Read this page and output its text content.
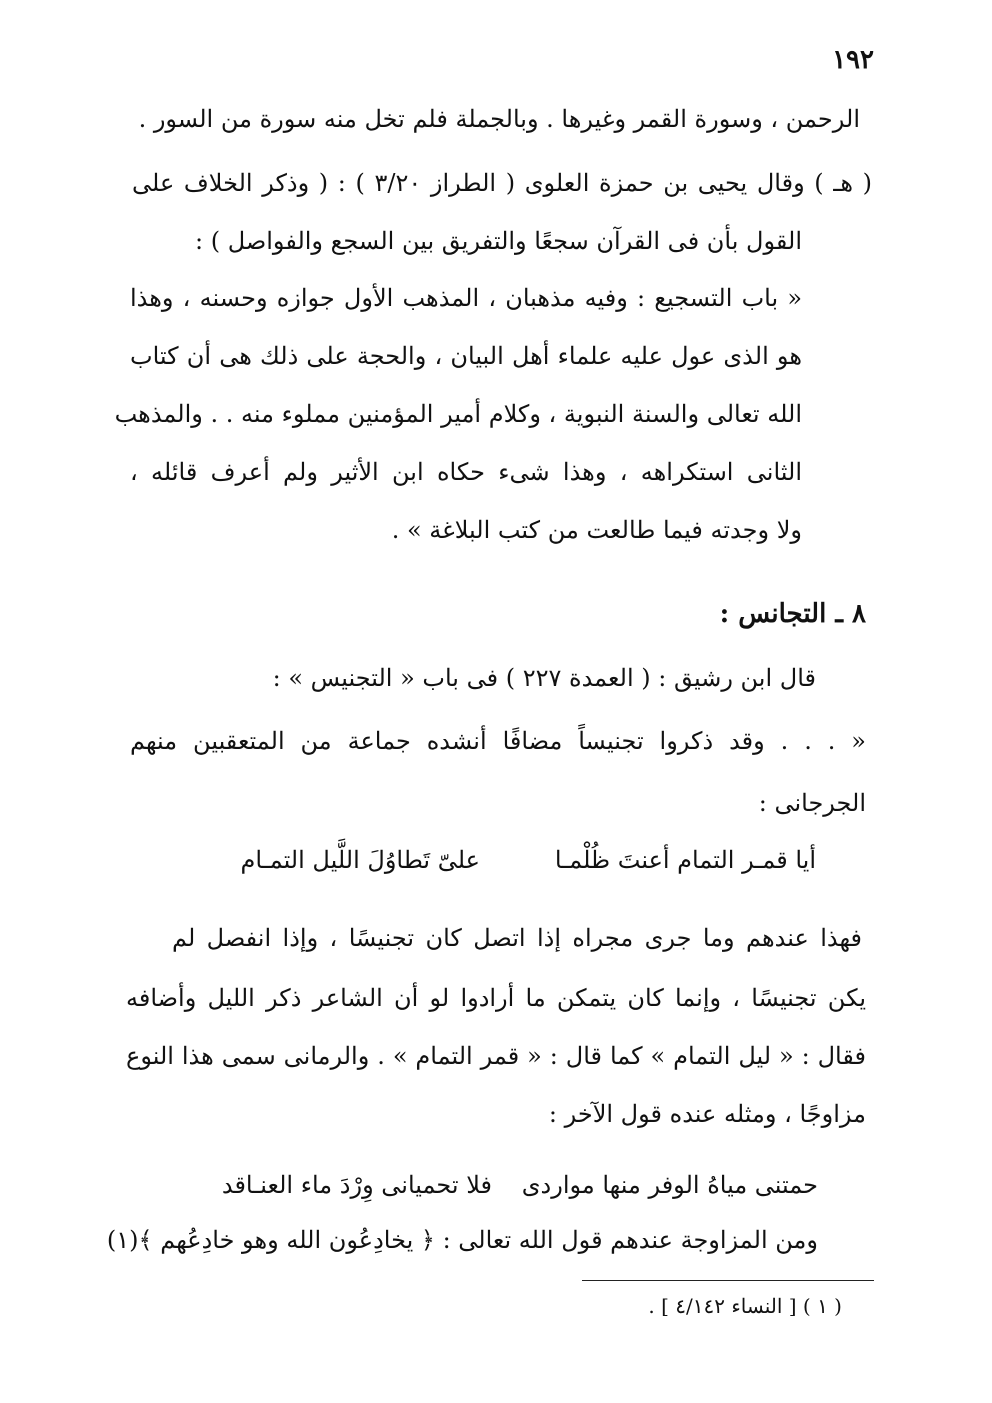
١٩٢
الرحمن ، وسورة القمر وغيرها . وبالجملة فلم تخل منه سورة من السور .
( هـ ) وقال يحيى بن حمزة العلوى ( الطراز ٣/٢٠ ) : ( وذكر الخلاف على
القول بأن فى القرآن سجعًا والتفريق بين السجع والفواصل ) :
« باب التسجيع : وفيه مذهبان ، المذهب الأول جوازه وحسنه ، وهذا
هو الذى عول عليه علماء أهل البيان ، والحجة على ذلك هى أن كتاب
الله تعالى والسنة النبوية ، وكلام أمير المؤمنين مملوء منه . . والمذهب
الثانى استكراهه ، وهذا شىء حكاه ابن الأثير ولم أعرف قائله ،
ولا وجدته فيما طالعت من كتب البلاغة » .
٨ ـ التجانس :
قال ابن رشيق : ( العمدة ٢٢٧ ) فى باب « التجنيس » :
« . . . وقد ذكروا تجنيساً مضافًا أنشده جماعة من المتعقبين منهم
الجرجانى :
أيا قمـر التمام أعنتَ ظُلْمـا
علىّ تَطاوُلَ اللَّيل التمـام
فهذا عندهم وما جرى مجراه إذا اتصل كان تجنيسًا ، وإذا انفصل لم
يكن تجنيسًا ، وإنما كان يتمكن ما أرادوا لو أن الشاعر ذكر الليل وأضافه
فقال : « ليل التمام » كما قال : « قمر التمام » . والرمانى سمى هذا النوع
مزاوجًا ، ومثله عنده قول الآخر :
حمتنى مياهُ الوفر منها مواردى
فلا تحميانى وِرْدَ ماء العنـاقد
ومن المزاوجة عندهم قول الله تعالى : ﴿ يخادِعُون الله وهو خادِعُهم ﴾(١)
( ١ ) [ النساء ٤/١٤٢ ] .
